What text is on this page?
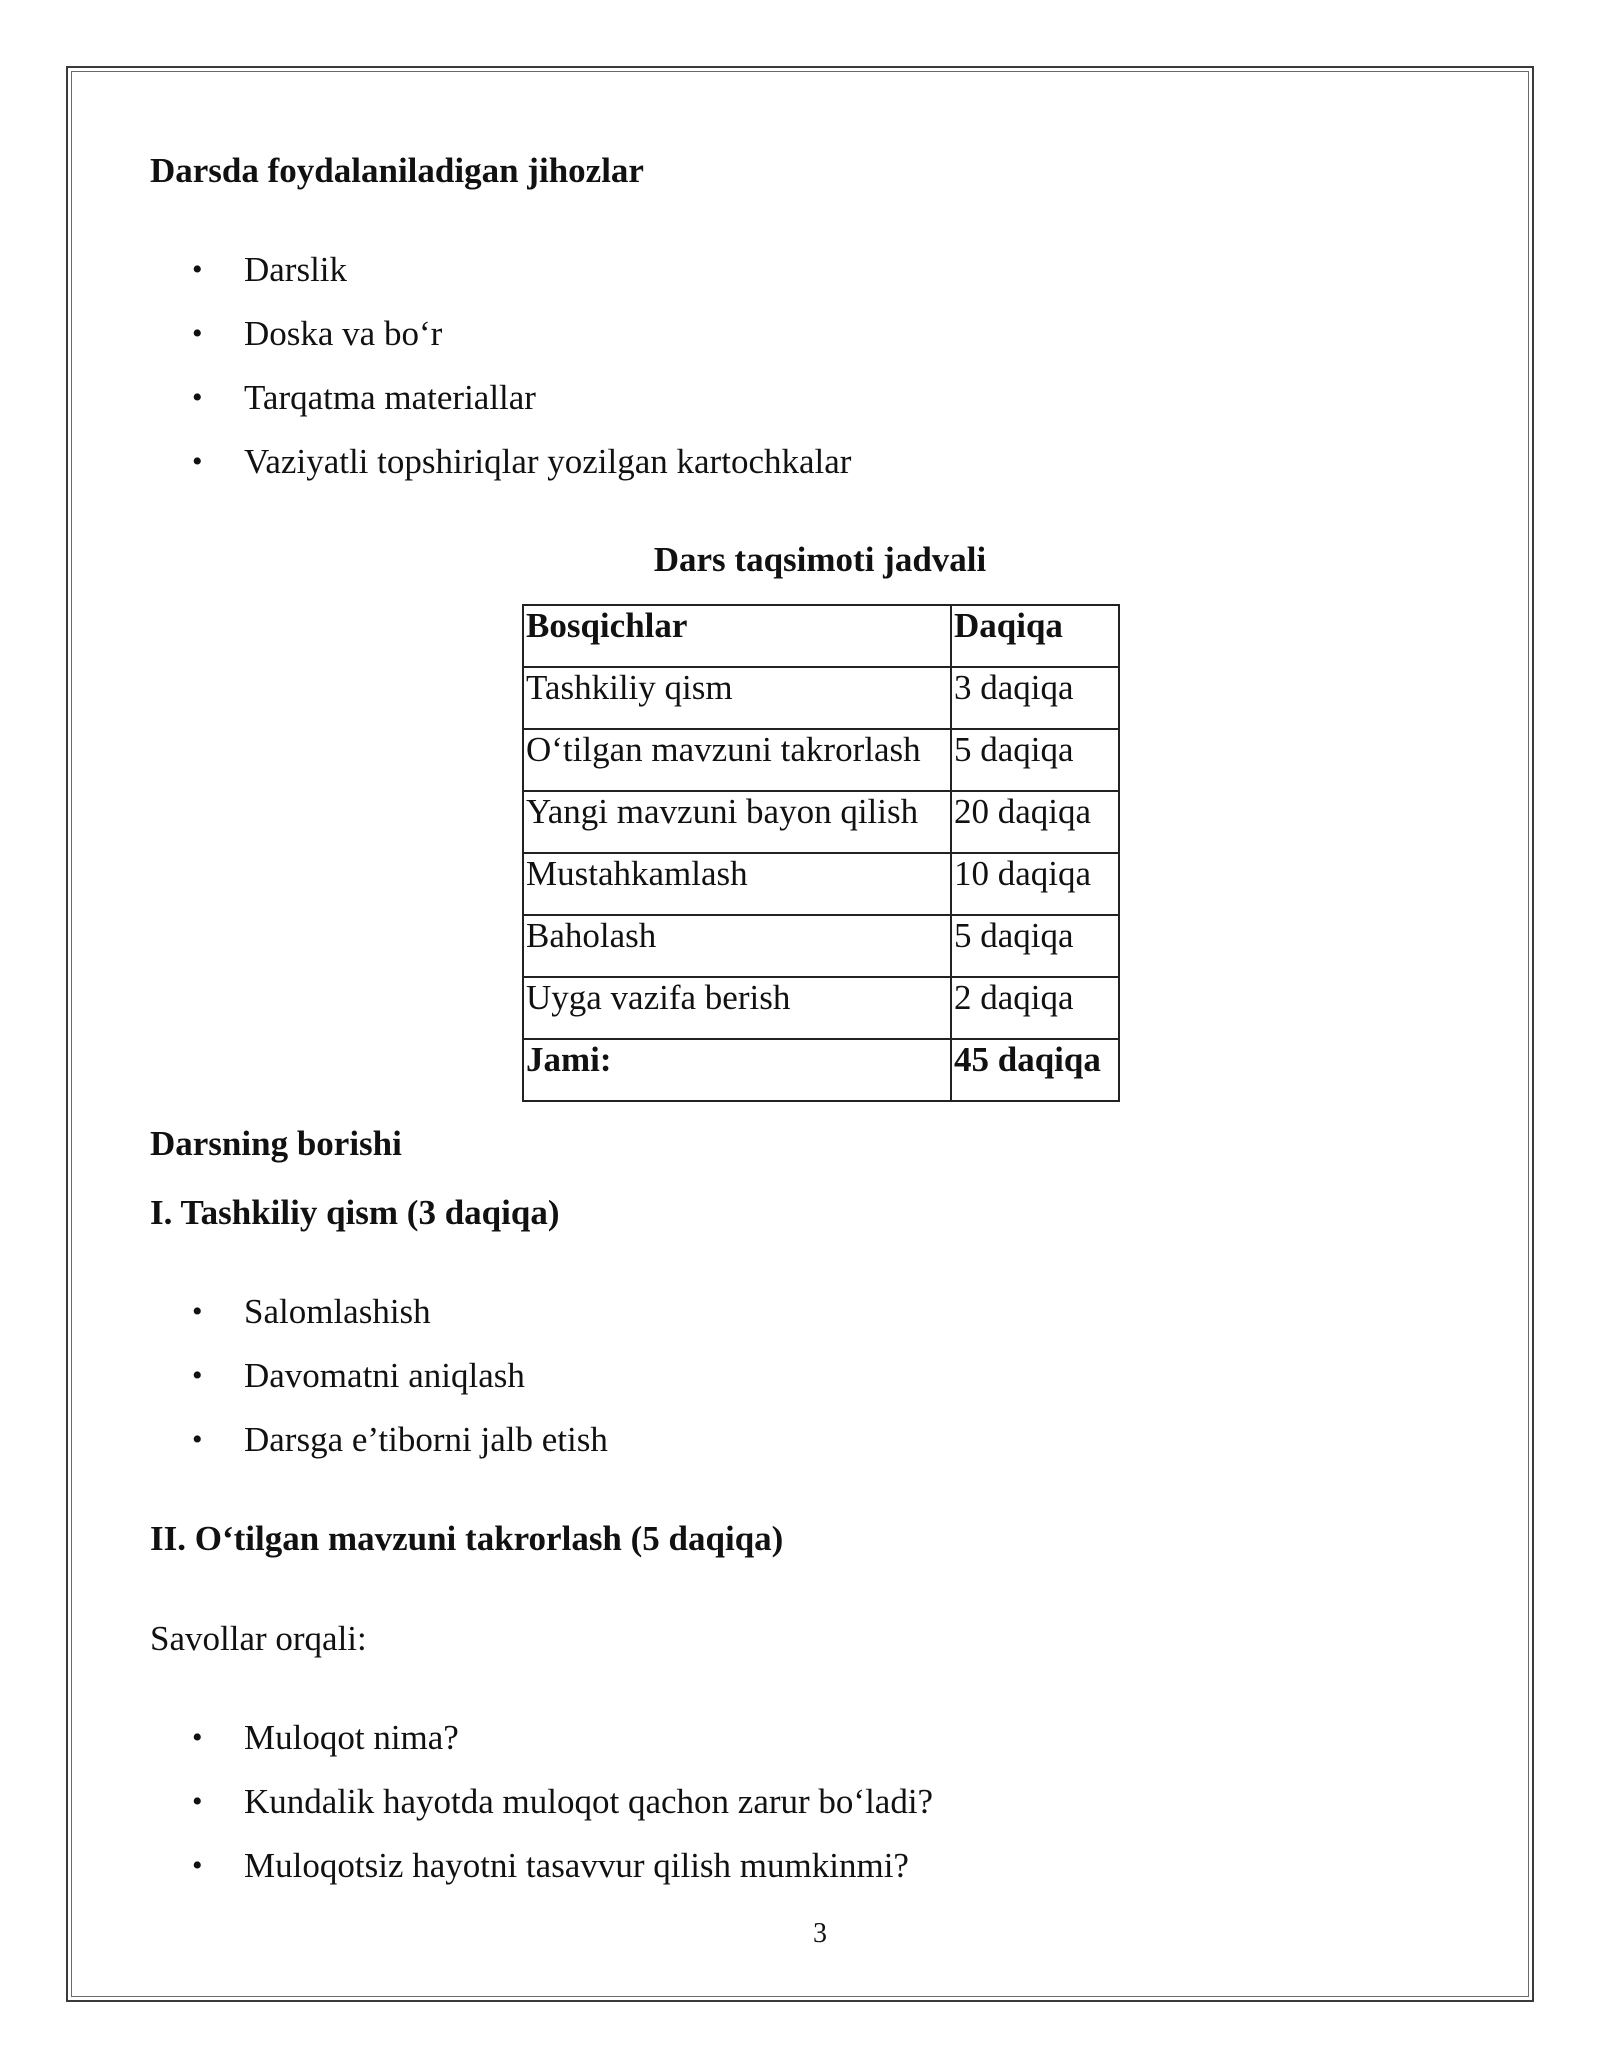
Darsda foydalaniladigan jihozlar
• Darslik
• Doska va bo‘r
• Tarqatma materiallar
• Vaziyatli topshiriqlar yozilgan kartochkalar

Dars taqsimoti jadvali

Bosqichlar	Daqiqa
Tashkiliy qism	3 daqiqa
O‘tilgan mavzuni takrorlash	5 daqiqa
Yangi mavzuni bayon qilish	20 daqiqa
Mustahkamlash	10 daqiqa
Baholash	5 daqiqa
Uyga vazifa berish	2 daqiqa
Jami:	45 daqiqa
Darsning borishi
I. Tashkiliy qism (3 daqiqa)
• Salomlashish
• Davomatni aniqlash
• Darsga e’tiborni jalb etish
II. O‘tilgan mavzuni takrorlash (5 daqiqa)

Savollar orqali:

• Muloqot nima?
• Kundalik hayotda muloqot qachon zarur bo‘ladi?
• Muloqotsiz hayotni tasavvur qilish mumkinmi?

3
